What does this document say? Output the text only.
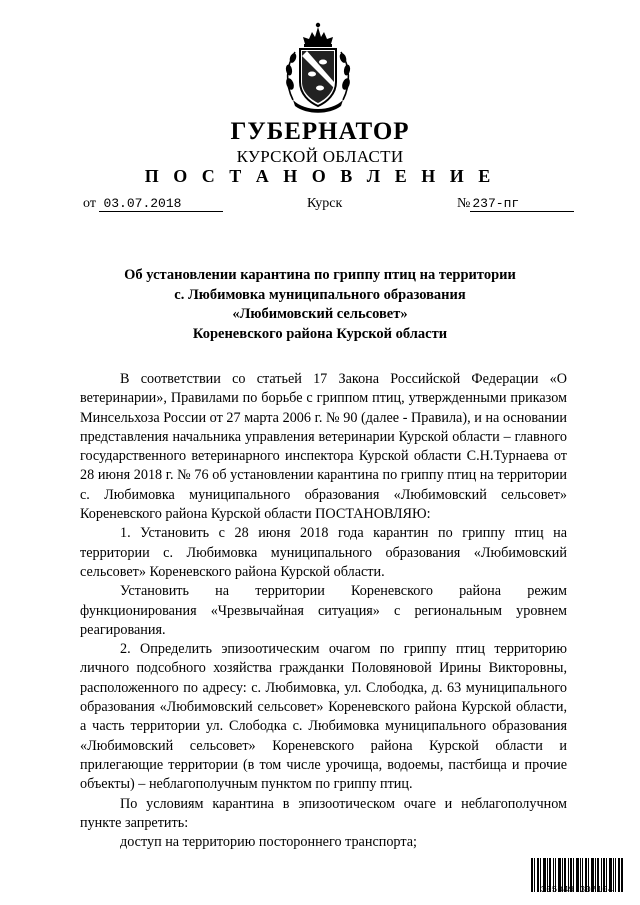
ГУБЕРНАТОР
КУРСКОЙ ОБЛАСТИ
П О С Т А Н О В Л Е Н И Е
от 03.07.2018	Курск	№ 237-пг
Об установлении карантина по гриппу птиц на территории
с. Любимовка муниципального образования
«Любимовский сельсовет»
Кореневского района Курской области

В соответствии со статьей 17 Закона Российской Федерации «О ветеринарии», Правилами по борьбе с гриппом птиц, утвержденными приказом Минсельхоза России от 27 марта 2006 г. № 90 (далее - Правила), и на основании представления начальника управления ветеринарии Курской области – главного государственного ветеринарного инспектора Курской области С.Н.Турнаева от 28 июня 2018 г. № 76 об установлении карантина по гриппу птиц на территории с. Любимовка муниципального образования «Любимовский сельсовет» Кореневского района Курской области ПОСТАНОВЛЯЮ:

1. Установить с 28 июня 2018 года карантин по гриппу птиц на территории с. Любимовка муниципального образования «Любимовский сельсовет» Кореневского района Курской области.

Установить на территории Кореневского района режим функционирования «Чрезвычайная ситуация» с региональным уровнем реагирования.

2. Определить эпизоотическим очагом по гриппу птиц территорию личного подсобного хозяйства гражданки Половяновой Ирины Викторовны, расположенного по адресу: с. Любимовка, ул. Слободка, д. 63 муниципального образования «Любимовский сельсовет» Кореневского района Курской области, а часть территории ул. Слободка с. Любимовка муниципального образования «Любимовский сельсовет» Кореневского района Курской области и прилегающие территории (в том числе урочища, водоемы, пастбища и прочие объекты) – неблагополучным пунктом по гриппу птиц.

По условиям карантина в эпизоотическом очаге и неблагополучном пункте запретить:

доступ на территорию постороннего транспорта;

305049 307104
